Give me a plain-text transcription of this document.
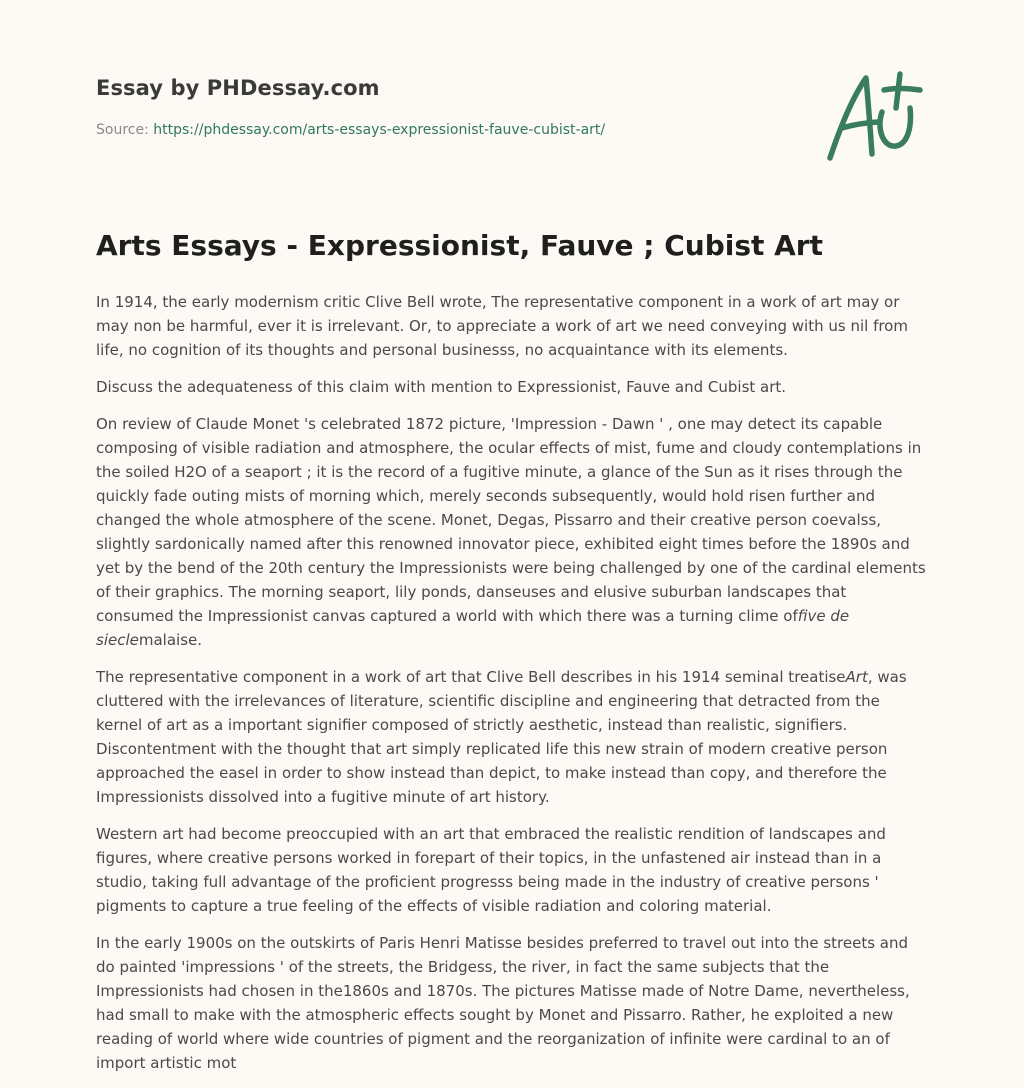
Essay by PHDessay.com
Source: https://phdessay.com/arts-essays-expressionist-fauve-cubist-art/
Arts Essays - Expressionist, Fauve ; Cubist Art

In 1914, the early modernism critic Clive Bell wrote, The representative component in a work of art may or may non be harmful, ever it is irrelevant. Or, to appreciate a work of art we need conveying with us nil from life, no cognition of its thoughts and personal businesss, no acquaintance with its elements.

Discuss the adequateness of this claim with mention to Expressionist, Fauve and Cubist art.

On review of Claude Monet 's celebrated 1872 picture, 'Impression - Dawn ' , one may detect its capable composing of visible radiation and atmosphere, the ocular effects of mist, fume and cloudy contemplations in the soiled H2O of a seaport ; it is the record of a fugitive minute, a glance of the Sun as it rises through the quickly fade outing mists of morning which, merely seconds subsequently, would hold risen further and changed the whole atmosphere of the scene. Monet, Degas, Pissarro and their creative person coevalss, slightly sardonically named after this renowned innovator piece, exhibited eight times before the 1890s and yet by the bend of the 20th century the Impressionists were being challenged by one of the cardinal elements of their graphics. The morning seaport, lily ponds, danseuses and elusive suburban landscapes that consumed the Impressionist canvas captured a world with which there was a turning clime offive de sieclemalaise.

The representative component in a work of art that Clive Bell describes in his 1914 seminal treatiseArt, was cluttered with the irrelevances of literature, scientific discipline and engineering that detracted from the kernel of art as a important signifier composed of strictly aesthetic, instead than realistic, signifiers. Discontentment with the thought that art simply replicated life this new strain of modern creative person approached the easel in order to show instead than depict, to make instead than copy, and therefore the Impressionists dissolved into a fugitive minute of art history.

Western art had become preoccupied with an art that embraced the realistic rendition of landscapes and figures, where creative persons worked in forepart of their topics, in the unfastened air instead than in a studio, taking full advantage of the proficient progresss being made in the industry of creative persons ' pigments to capture a true feeling of the effects of visible radiation and coloring material.

In the early 1900s on the outskirts of Paris Henri Matisse besides preferred to travel out into the streets and do painted 'impressions ' of the streets, the Bridgess, the river, in fact the same subjects that the Impressionists had chosen in the1860s and 1870s. The pictures Matisse made of Notre Dame, nevertheless, had small to make with the atmospheric effects sought by Monet and Pissarro. Rather, he exploited a new reading of world where wide countries of pigment and the reorganization of infinite were cardinal to an of import artistic mot
